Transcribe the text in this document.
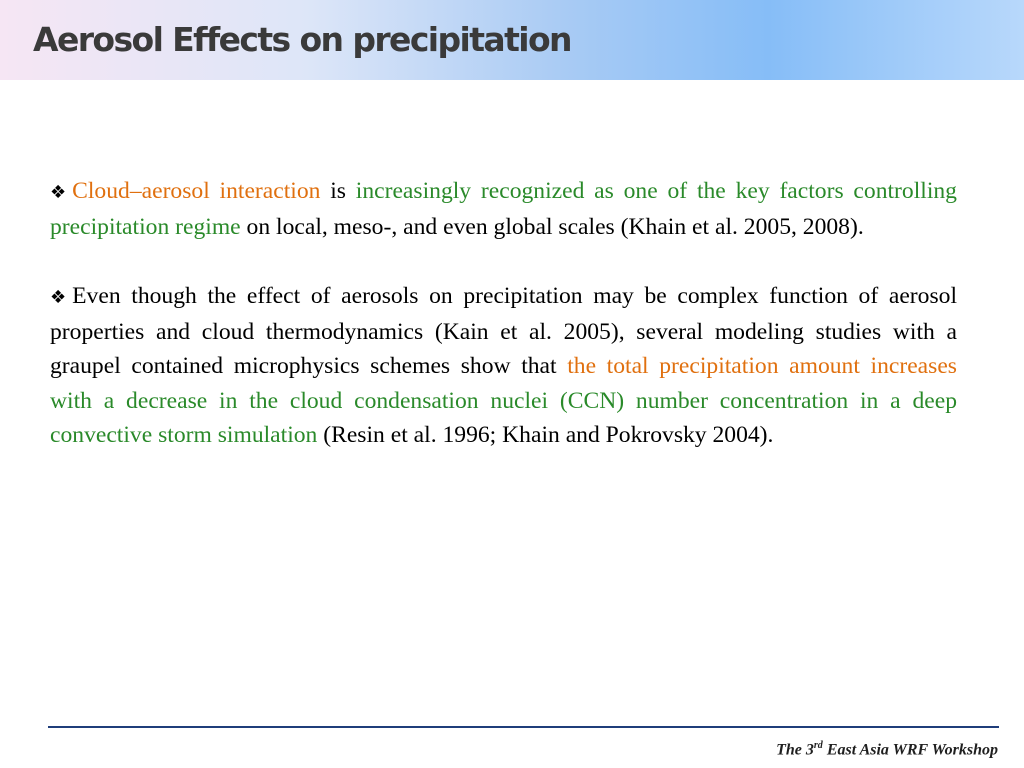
Aerosol Effects on precipitation

❖ Cloud–aerosol interaction is increasingly recognized as one of the key factors controlling precipitation regime on local, meso-, and even global scales (Khain et al. 2005, 2008).

❖ Even though the effect of aerosols on precipitation may be complex function of aerosol properties and cloud thermodynamics (Kain et al. 2005), several modeling studies with a graupel contained microphysics schemes show that the total precipitation amount increases with a decrease in the cloud condensation nuclei (CCN) number concentration in a deep convective storm simulation (Resin et al. 1996; Khain and Pokrovsky 2004).

The 3rd East Asia WRF Workshop
